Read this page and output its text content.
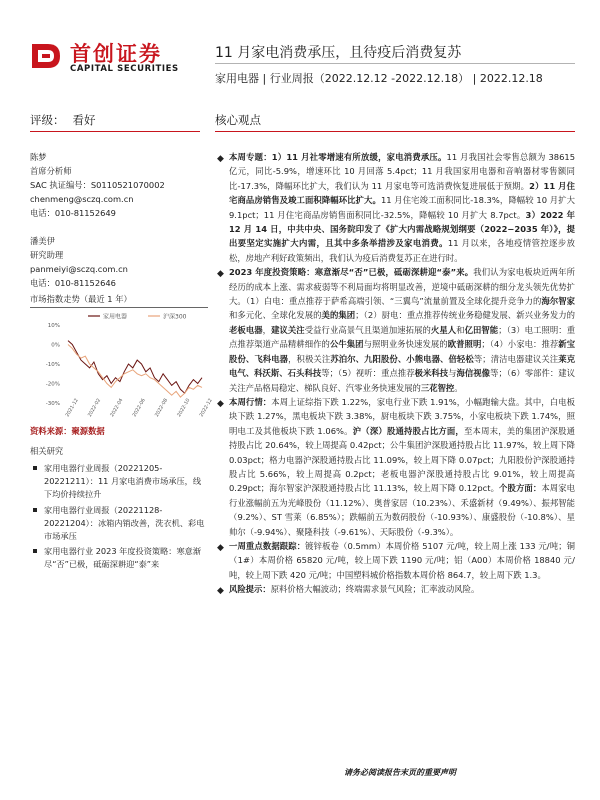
首创证券
CAPITAL SECURITIES
11 月家电消费承压，且待疫后消费复苏
家用电器 | 行业周报（2022.12.12 -2022.12.18） | 2022.12.18
评级： 看好	核心观点
陈梦
首席分析师
SAC 执证编号：S0110521070002
chenmeng@sczq.com.cn
电话：010-81152649
潘美伊
研究助理
panmeiyi@sczq.com.cn
电话：010-81152646
市场指数走势（最近 1 年）
家用电器	沪深300
10%
0%
-10%
-20%
-30% 2021-12 2022-02 2022-04 2022-06 2022-08 2022-10 2022-12
资料来源：聚源数据
相关研究
家用电器行业周报（20221205-20221211）：11 月家电消费市场承压，线下均价持续拉升
家用电器行业周报（20221128-20221204）：冰箱内销改善，洗衣机、彩电市场承压
家用电器行业 2023 年度投资策略：寒意渐尽“否”已极，砥砺深耕迎“泰”来
◆ 本周专题：1）11 月社零增速有所放缓，家电消费承压。11 月我国社会零售总额为 38615 亿元，同比-5.9%，增速环比 10 月回落 5.4pct；11 月我国家用电器和音响器材零售额同比-17.3%，降幅环比扩大，我们认为 11 月家电等可选消费恢复进展低于预期。2）11 月住宅商品房销售及竣工面积降幅环比扩大。11 月住宅竣工面积同比-18.3%，降幅较 10 月扩大 9.1pct；11 月住宅商品房销售面积同比-32.5%，降幅较 10 月扩大 8.7pct。3）2022 年 12 月 14 日，中共中央、国务院印发了《扩大内需战略规划纲要（2022−2035 年）》，提出要坚定实施扩大内需，且其中多条举措涉及家电消费。11 月以来，各地疫情管控逐步放松，房地产利好政策频出，我们认为疫后消费复苏正在进行时。
◆ 2023 年度投资策略：寒意渐尽“否”已极，砥砺深耕迎“泰”来。我们认为家电板块近两年所经历的成本上涨、需求疲弱等不利局面均将明显改善，逆境中砥砺深耕的细分龙头领先优势扩大。（1）白电：重点推荐于萨希高端引领、“三翼鸟”流量前置及全球化提升竞争力的海尔智家和多元化、全球化发展的美的集团；（2）厨电：重点推荐传统业务稳健发展、新兴业务发力的老板电器，建议关注受益行业高景气且渠道加速拓展的火星人和亿田智能；（3）电工照明：重点推荐渠道产品精耕细作的公牛集团与照明业务快速发展的欧普照明；（4）小家电：推荐新宝股份、飞科电器，积极关注苏泊尔、九阳股份、小熊电器、倍轻松等；清洁电器建议关注莱克电气、科沃斯、石头科技等；（5）视听：重点推荐极米科技与海信视像等；（6）零部件：建议关注产品格局稳定、梯队良好、汽零业务快速发展的三花智控。
◆ 本周行情：本周上证综指下跌 1.22%，家电行业下跌 1.91%，小幅跑输大盘。其中，白电板块下跌 1.27%，黑电板块下跌 3.38%，厨电板块下跌 3.75%，小家电板块下跌 1.74%，照明电工及其他板块下跌 1.06%。沪（深）股通持股占比方面，至本周末，美的集团沪深股通持股占比 20.64%，较上周提高 0.42pct；公牛集团沪深股通持股占比 11.97%，较上周下降 0.03pct；格力电器沪深股通持股占比 11.09%，较上周下降 0.07pct；九阳股份沪深股通持股占比 5.66%，较上周提高 0.2pct；老板电器沪深股通持股占比 9.01%，较上周提高 0.29pct；海尔智家沪深股通持股占比 11.13%，较上周下降 0.12pct。个股方面：本周家电行业涨幅前五为光峰股份（11.12%）、奥普家居（10.23%）、禾盛新材（9.49%）、振邦智能（9.2%）、ST 雪莱（6.85%）；跌幅前五为数码股份（-10.93%）、康盛股份（-10.8%）、星帅尔（-9.94%）、聚隆科技（-9.61%）、天际股份（-9.3%）。
◆ 一周重点数据跟踪：镀锌板卷（0.5mm）本周价格 5107 元/吨，较上周上涨 133 元/吨；铜（1#）本周价格 65820 元/吨，较上周下跌 1190 元/吨；铝（A00）本周价格 18840 元/吨，较上周下跌 420 元/吨；中国塑料城价格指数本周价格 864.7，较上周下跌 1.3。
◆ 风险提示：原料价格大幅波动；终端需求景气风险；汇率波动风险。
请务必阅读报告末页的重要声明
